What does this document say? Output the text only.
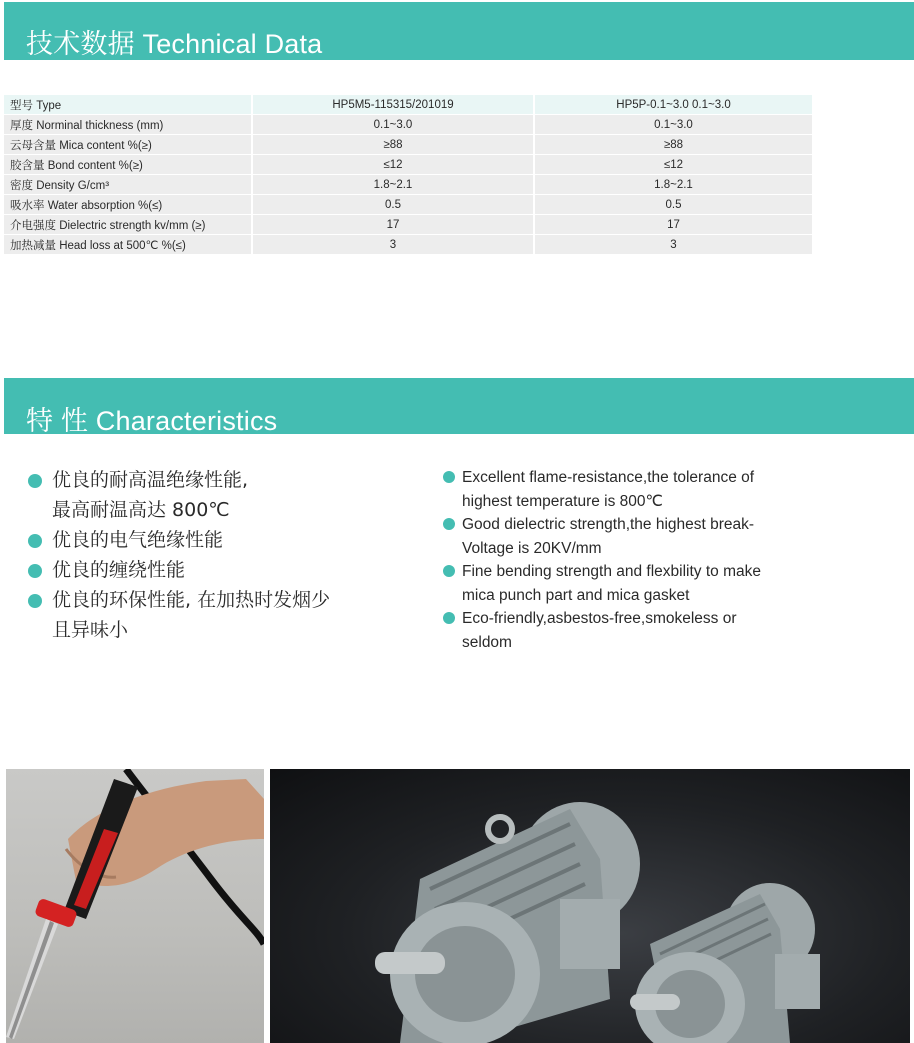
技术数据 Technical Data
型号 Type	HP5M5-115315/201019	HP5P-0.1~3.0 0.1~3.0
厚度 Norminal thickness (mm)	0.1~3.0	0.1~3.0
云母含量 Mica content %(≥)	≥88	≥88
胶含量 Bond content %(≥)	≤12	≤12
密度 Density G/cm³	1.8~2.1	1.8~2.1
吸水率 Water absorption %(≤)	0.5	0.5
介电强度 Dielectric strength kv/mm (≥)	17	17
加热减量 Head loss at 500℃ %(≤)	3	3
特 性 Characteristics
优良的耐高温绝缘性能,
最高耐温高达 800℃
优良的电气绝缘性能
优良的缠绕性能
优良的环保性能, 在加热时发烟少
且异味小
Excellent flame-resistance,the tolerance of
highest temperature is 800℃
Good dielectric strength,the highest break-
Voltage is 20KV/mm
Fine bending strength and flexbility to make
mica punch part and mica gasket
Eco-friendly,asbestos-free,smokeless or
seldom
